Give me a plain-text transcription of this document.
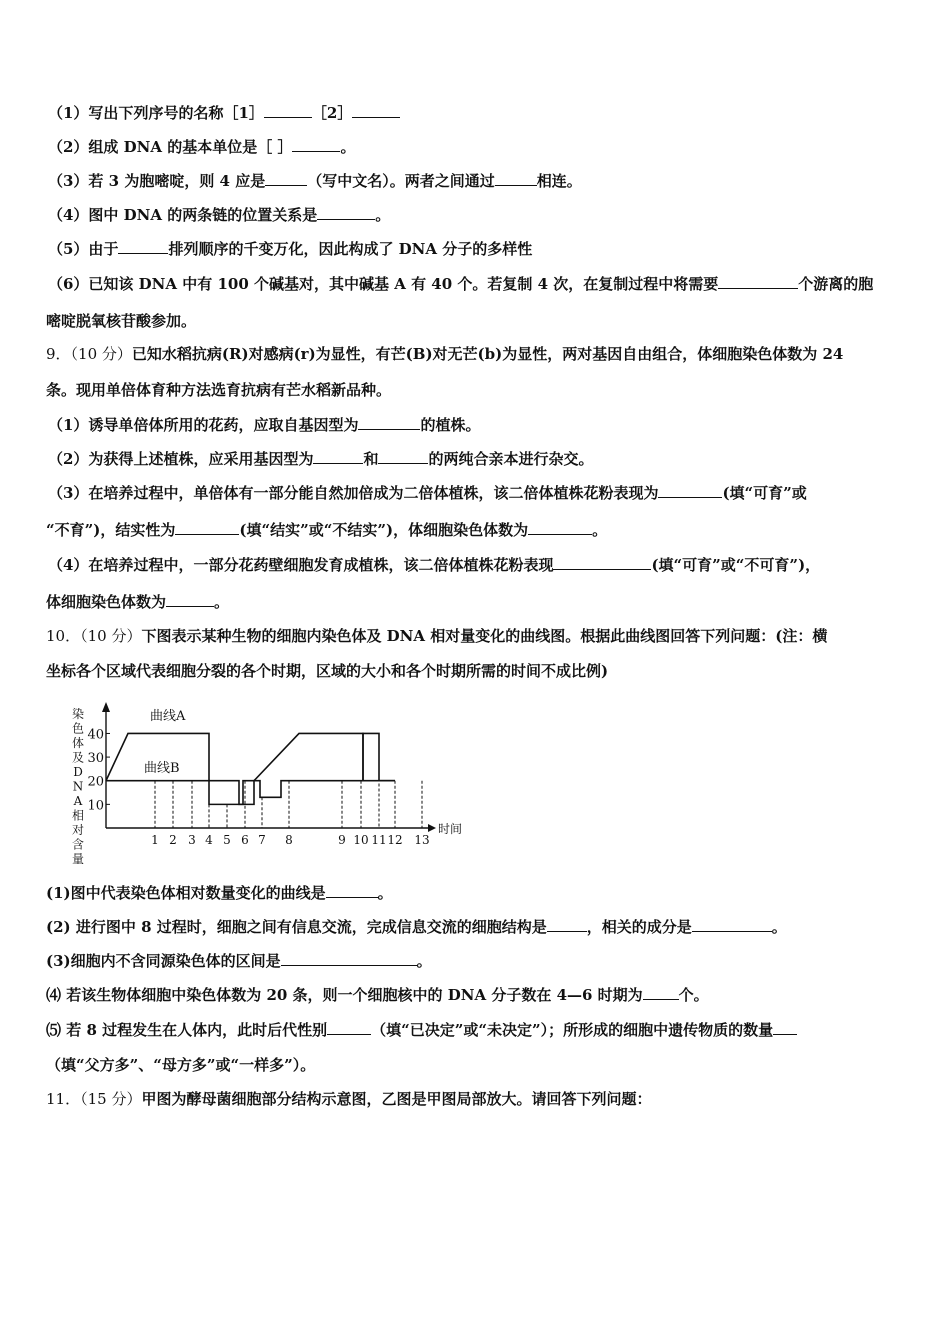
（1）写出下列序号的名称［1］	［2］
（2）组成 DNA 的基本单位是［ ］	。
（3）若 3 为胞嘧啶，则 4 应是	（写中文名）。两者之间通过	相连。
（4）图中 DNA 的两条链的位置关系是	。
（5）由于	排列顺序的千变万化，因此构成了 DNA 分子的多样性
（6）已知该 DNA 中有 100 个碱基对，其中碱基 A 有 40 个。若复制 4 次，在复制过程中将需要	个游离的胞
嘧啶脱氧核苷酸参加。
9．（10 分）已知水稻抗病(R)对感病(r)为显性，有芒(B)对无芒(b)为显性，两对基因自由组合，体细胞染色体数为 24
条。现用单倍体育种方法选育抗病有芒水稻新品种。
（1）诱导单倍体所用的花药，应取自基因型为	的植株。
（2）为获得上述植株，应采用基因型为	和	的两纯合亲本进行杂交。
（3）在培养过程中，单倍体有一部分能自然加倍成为二倍体植株，该二倍体植株花粉表现为	(填“可育”或
“不育”)，结实性为	(填“结实”或“不结实”)，体细胞染色体数为	。
（4）在培养过程中，一部分花药壁细胞发育成植株，该二倍体植株花粉表现	(填“可育”或“不可育”)，
体细胞染色体数为	。
10．（10 分）下图表示某种生物的细胞内染色体及 DNA 相对量变化的曲线图。根据此曲线图回答下列问题：(注：横
坐标各个区域代表细胞分裂的各个时期，区域的大小和各个时期所需的时间不成比例)
10
20
30
40
染
色
体
及
D
N
A
相
对
含
量
时间
1 2 3 4 5 6 7 8	9 10 11 12 13
曲线A
曲线B
(1)图中代表染色体相对数量变化的曲线是	。
(2) 进行图中 8 过程时，细胞之间有信息交流，完成信息交流的细胞结构是	，相关的成分是	。
(3)细胞内不含同源染色体的区间是	。
⑷ 若该生物体细胞中染色体数为 20 条，则一个细胞核中的 DNA 分子数在 4—6 时期为 个。
⑸ 若 8 过程发生在人体内，此时后代性别	（填“已决定”或“未决定”）；所形成的细胞中遗传物质的数量
（填“父方多”、“母方多”或“一样多”）。
11．（15 分）甲图为酵母菌细胞部分结构示意图，乙图是甲图局部放大。请回答下列问题：
